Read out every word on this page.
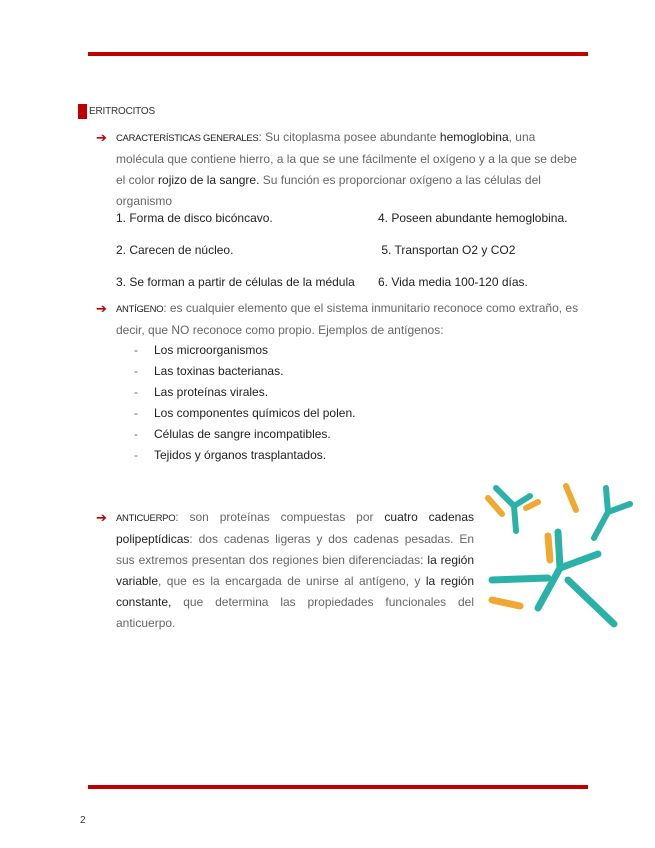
ERITROCITOS
➔ CARACTERÍSTICAS GENERALES: Su citoplasma posee abundante hemoglobina, una molécula que contiene hierro, a la que se une fácilmente el oxígeno y a la que se debe el color rojizo de la sangre. Su función es proporcionar oxígeno a las células del organismo
1. Forma de disco bicóncavo.	4. Poseen abundante hemoglobina.
2. Carecen de núcleo.	5. Transportan O2 y CO2
3. Se forman a partir de células de la médula	6. Vida media 100-120 días.
➔ ANTÍGENO: es cualquier elemento que el sistema inmunitario reconoce como extraño, es decir, que NO reconoce como propio. Ejemplos de antígenos:
-	Los microorganismos
-	Las toxinas bacterianas.
-	Las proteínas virales.
-	Los componentes químicos del polen.
-	Células de sangre incompatibles.
-	Tejidos y órganos trasplantados.
➔ ANTICUERPO: son proteínas compuestas por cuatro cadenas polipeptídicas: dos cadenas ligeras y dos cadenas pesadas. En sus extremos presentan dos regiones bien diferenciadas: la región variable, que es la encargada de unirse al antígeno, y la región constante, que determina las propiedades funcionales del anticuerpo.
2
